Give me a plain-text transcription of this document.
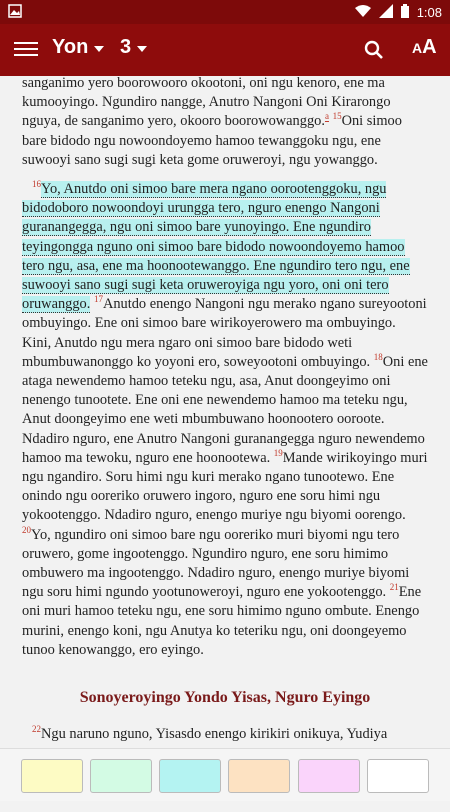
1:08
Yon 3	AA

sanganimo yero boorowooro okootoni, oni ngu kenoro, ene ma kumooyingo. Ngundiro nangge, Anutro Nangoni Oni Kirarongo nguya, de sanganimo yero, okooro boorowowanggo.$^a$ $^{15}$Oni simoo bare bidodo ngu nowoondoyemo hamoo tewanggoku ngu, ene suwooyi sano sugi sugi keta gome oruweroyi, ngu yowanggo.

$^{16}$Yo, Anutdo oni simoo bare mera ngano oorootenggoku, ngu bidodoboro nowoondoyi urungga tero, nguro enengo Nangoni guranangegga, ngu oni simoo bare yunoyingo. Ene ngundiro teyingongga nguno oni simoo bare bidodo nowoondoyemo hamoo tero ngu, asa, ene ma hoonootewanggo. Ene ngundiro tero ngu, ene suwooyi sano sugi sugi keta oruweroyiga ngu yoro, oni oni tero oruwanggo. $^{17}$Anutdo enengo Nangoni ngu merako ngano sureyootoni ombuyingo. Ene oni simoo bare wirikoyerowero ma ombuyingo. Kini, Anutdo ngu mera ngaro oni simoo bare bidodo weti mbumbuwanonggo ko yoyoni ero, soweyootoni ombuyingo. $^{18}$Oni ene ataga newendemo hamoo teteku ngu, asa, Anut doongeyimo oni nenengo tunootete. Ene oni ene newendemo hamoo ma teteku ngu, Anut doongeyimo ene weti mbumbuwano hoonootero ooroote. Ndadiro nguro, ene Anutro Nangoni guranangegga nguro newendemo hamoo ma tewoku, nguro ene hoonootewa. $^{19}$Mande wirikoyingo muri ngu ngandiro. Soru himi ngu kuri merako ngano tunootewo. Ene onindo ngu ooreriko oruwero ingoro, nguro ene soru himi ngu yokootenggo. Ndadiro nguro, enengo muriye ngu biyomi oorengo. $^{20}$Yo, ngundiro oni simoo bare ngu ooreriko muri biyomi ngu tero oruwero, gome ingootenggo. Ngundiro nguro, ene soru himimo ombuwero ma ingootenggo. Ndadiro nguro, enengo muriye biyomi ngu soru himi ngundo yootunoweroyi, nguro ene yokootenggo. $^{21}$Ene oni muri hamoo teteku ngu, ene soru himimo nguno ombute. Enengo murini, enengo koni, ngu Anutya ko teteriku ngu, oni doongeyemo tunoo kenowanggo, ero eyingo.

Sonoyeroyingo Yondo Yisas, Nguro Eyingo

$^{22}$Ngu naruno nguno, Yisasdo enengo kirikiri onikuya, Yudiya
